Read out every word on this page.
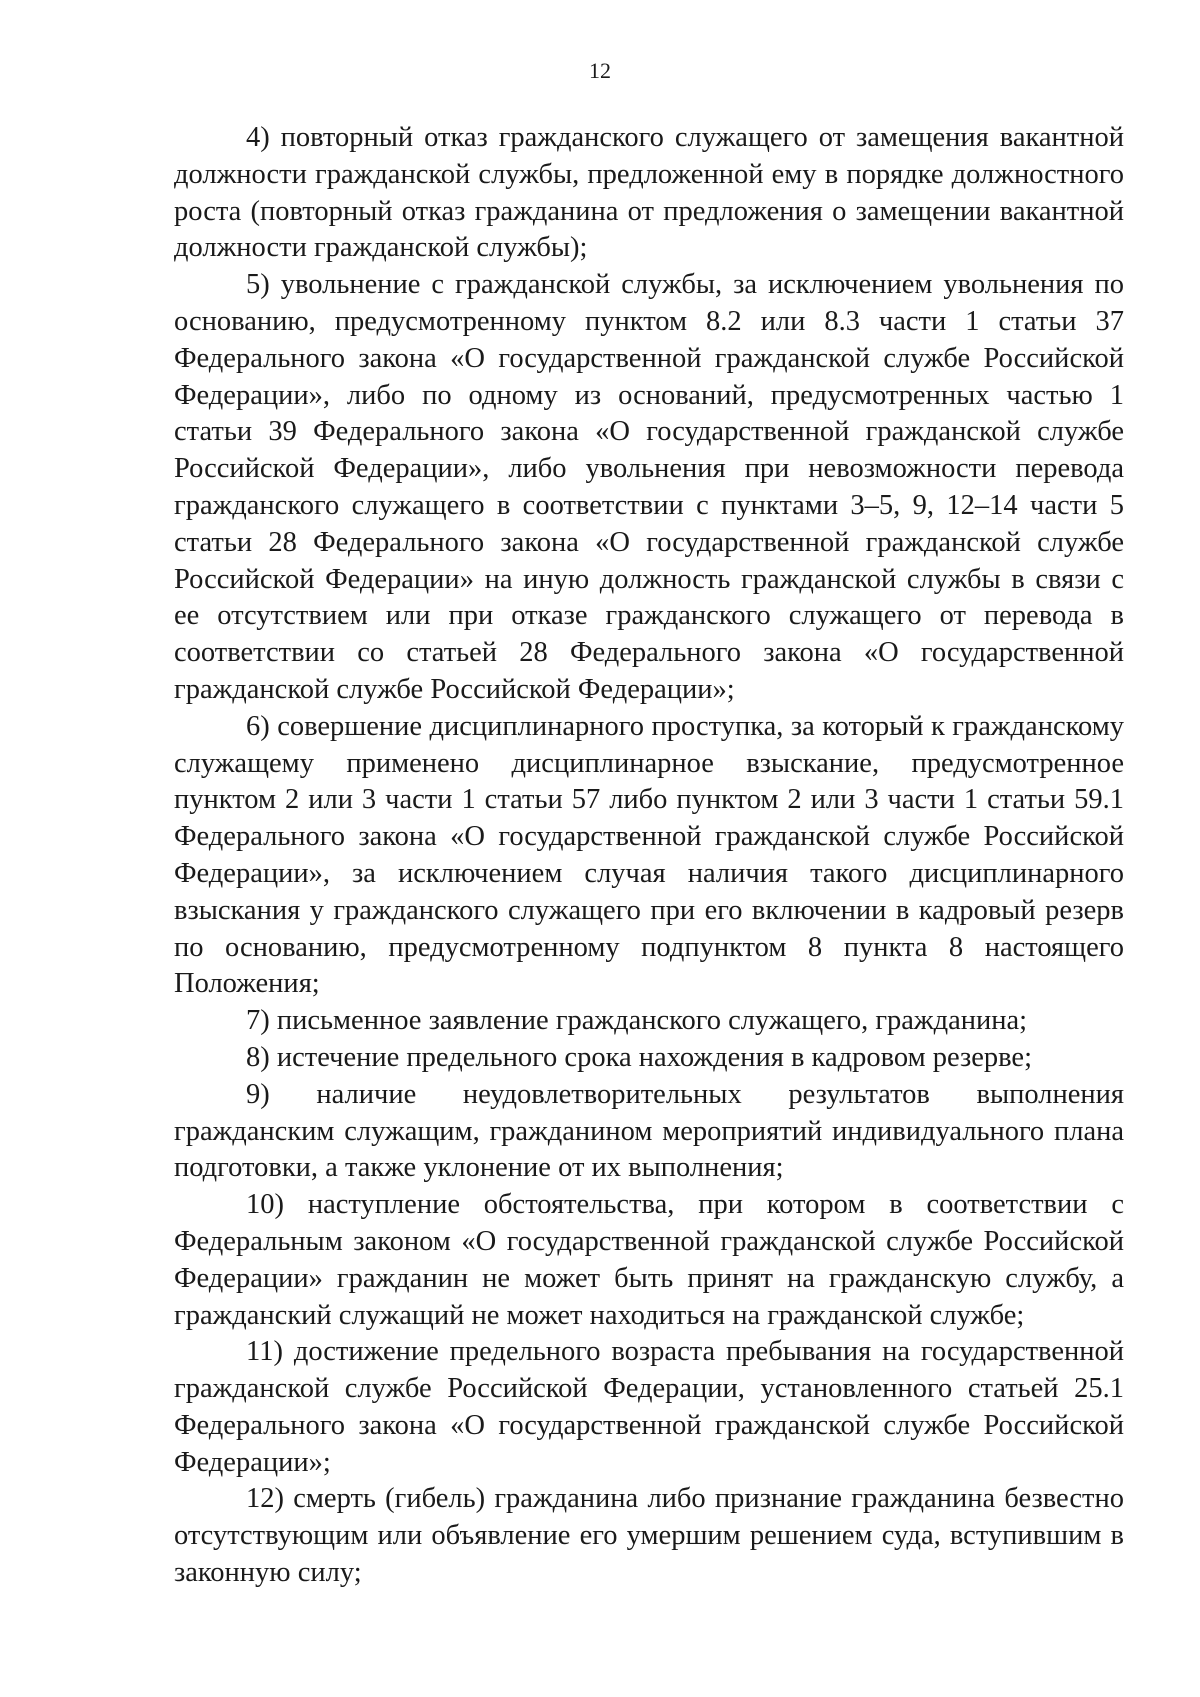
12

4) повторный отказ гражданского служащего от замещения вакантной должности гражданской службы, предложенной ему в порядке должностного роста (повторный отказ гражданина от предложения о замещении вакантной должности гражданской службы);

5) увольнение с гражданской службы, за исключением увольнения по основанию, предусмотренному пунктом 8.2 или 8.3 части 1 статьи 37 Федерального закона «О государственной гражданской службе Российской Федерации», либо по одному из оснований, предусмотренных частью 1 статьи 39 Федерального закона «О государственной гражданской службе Российской Федерации», либо увольнения при невозможности перевода гражданского служащего в соответствии с пунктами 3–5, 9, 12–14 части 5 статьи 28 Федерального закона «О государственной гражданской службе Российской Федерации» на иную должность гражданской службы в связи с ее отсутствием или при отказе гражданского служащего от перевода в соответствии со статьей 28 Федерального закона «О государственной гражданской службе Российской Федерации»;

6) совершение дисциплинарного проступка, за который к гражданскому служащему применено дисциплинарное взыскание, предусмотренное пунктом 2 или 3 части 1 статьи 57 либо пунктом 2 или 3 части 1 статьи 59.1 Федерального закона «О государственной гражданской службе Российской Федерации», за исключением случая наличия такого дисциплинарного взыскания у гражданского служащего при его включении в кадровый резерв по основанию, предусмотренному подпунктом 8 пункта 8 настоящего Положения;

7) письменное заявление гражданского служащего, гражданина;

8) истечение предельного срока нахождения в кадровом резерве;

9) наличие неудовлетворительных результатов выполнения гражданским служащим, гражданином мероприятий индивидуального плана подготовки, а также уклонение от их выполнения;

10) наступление обстоятельства, при котором в соответствии с Федеральным законом «О государственной гражданской службе Российской Федерации» гражданин не может быть принят на гражданскую службу, а гражданский служащий не может находиться на гражданской службе;

11) достижение предельного возраста пребывания на государственной гражданской службе Российской Федерации, установленного статьей 25.1 Федерального закона «О государственной гражданской службе Российской Федерации»;

12) смерть (гибель) гражданина либо признание гражданина безвестно отсутствующим или объявление его умершим решением суда, вступившим в законную силу;
